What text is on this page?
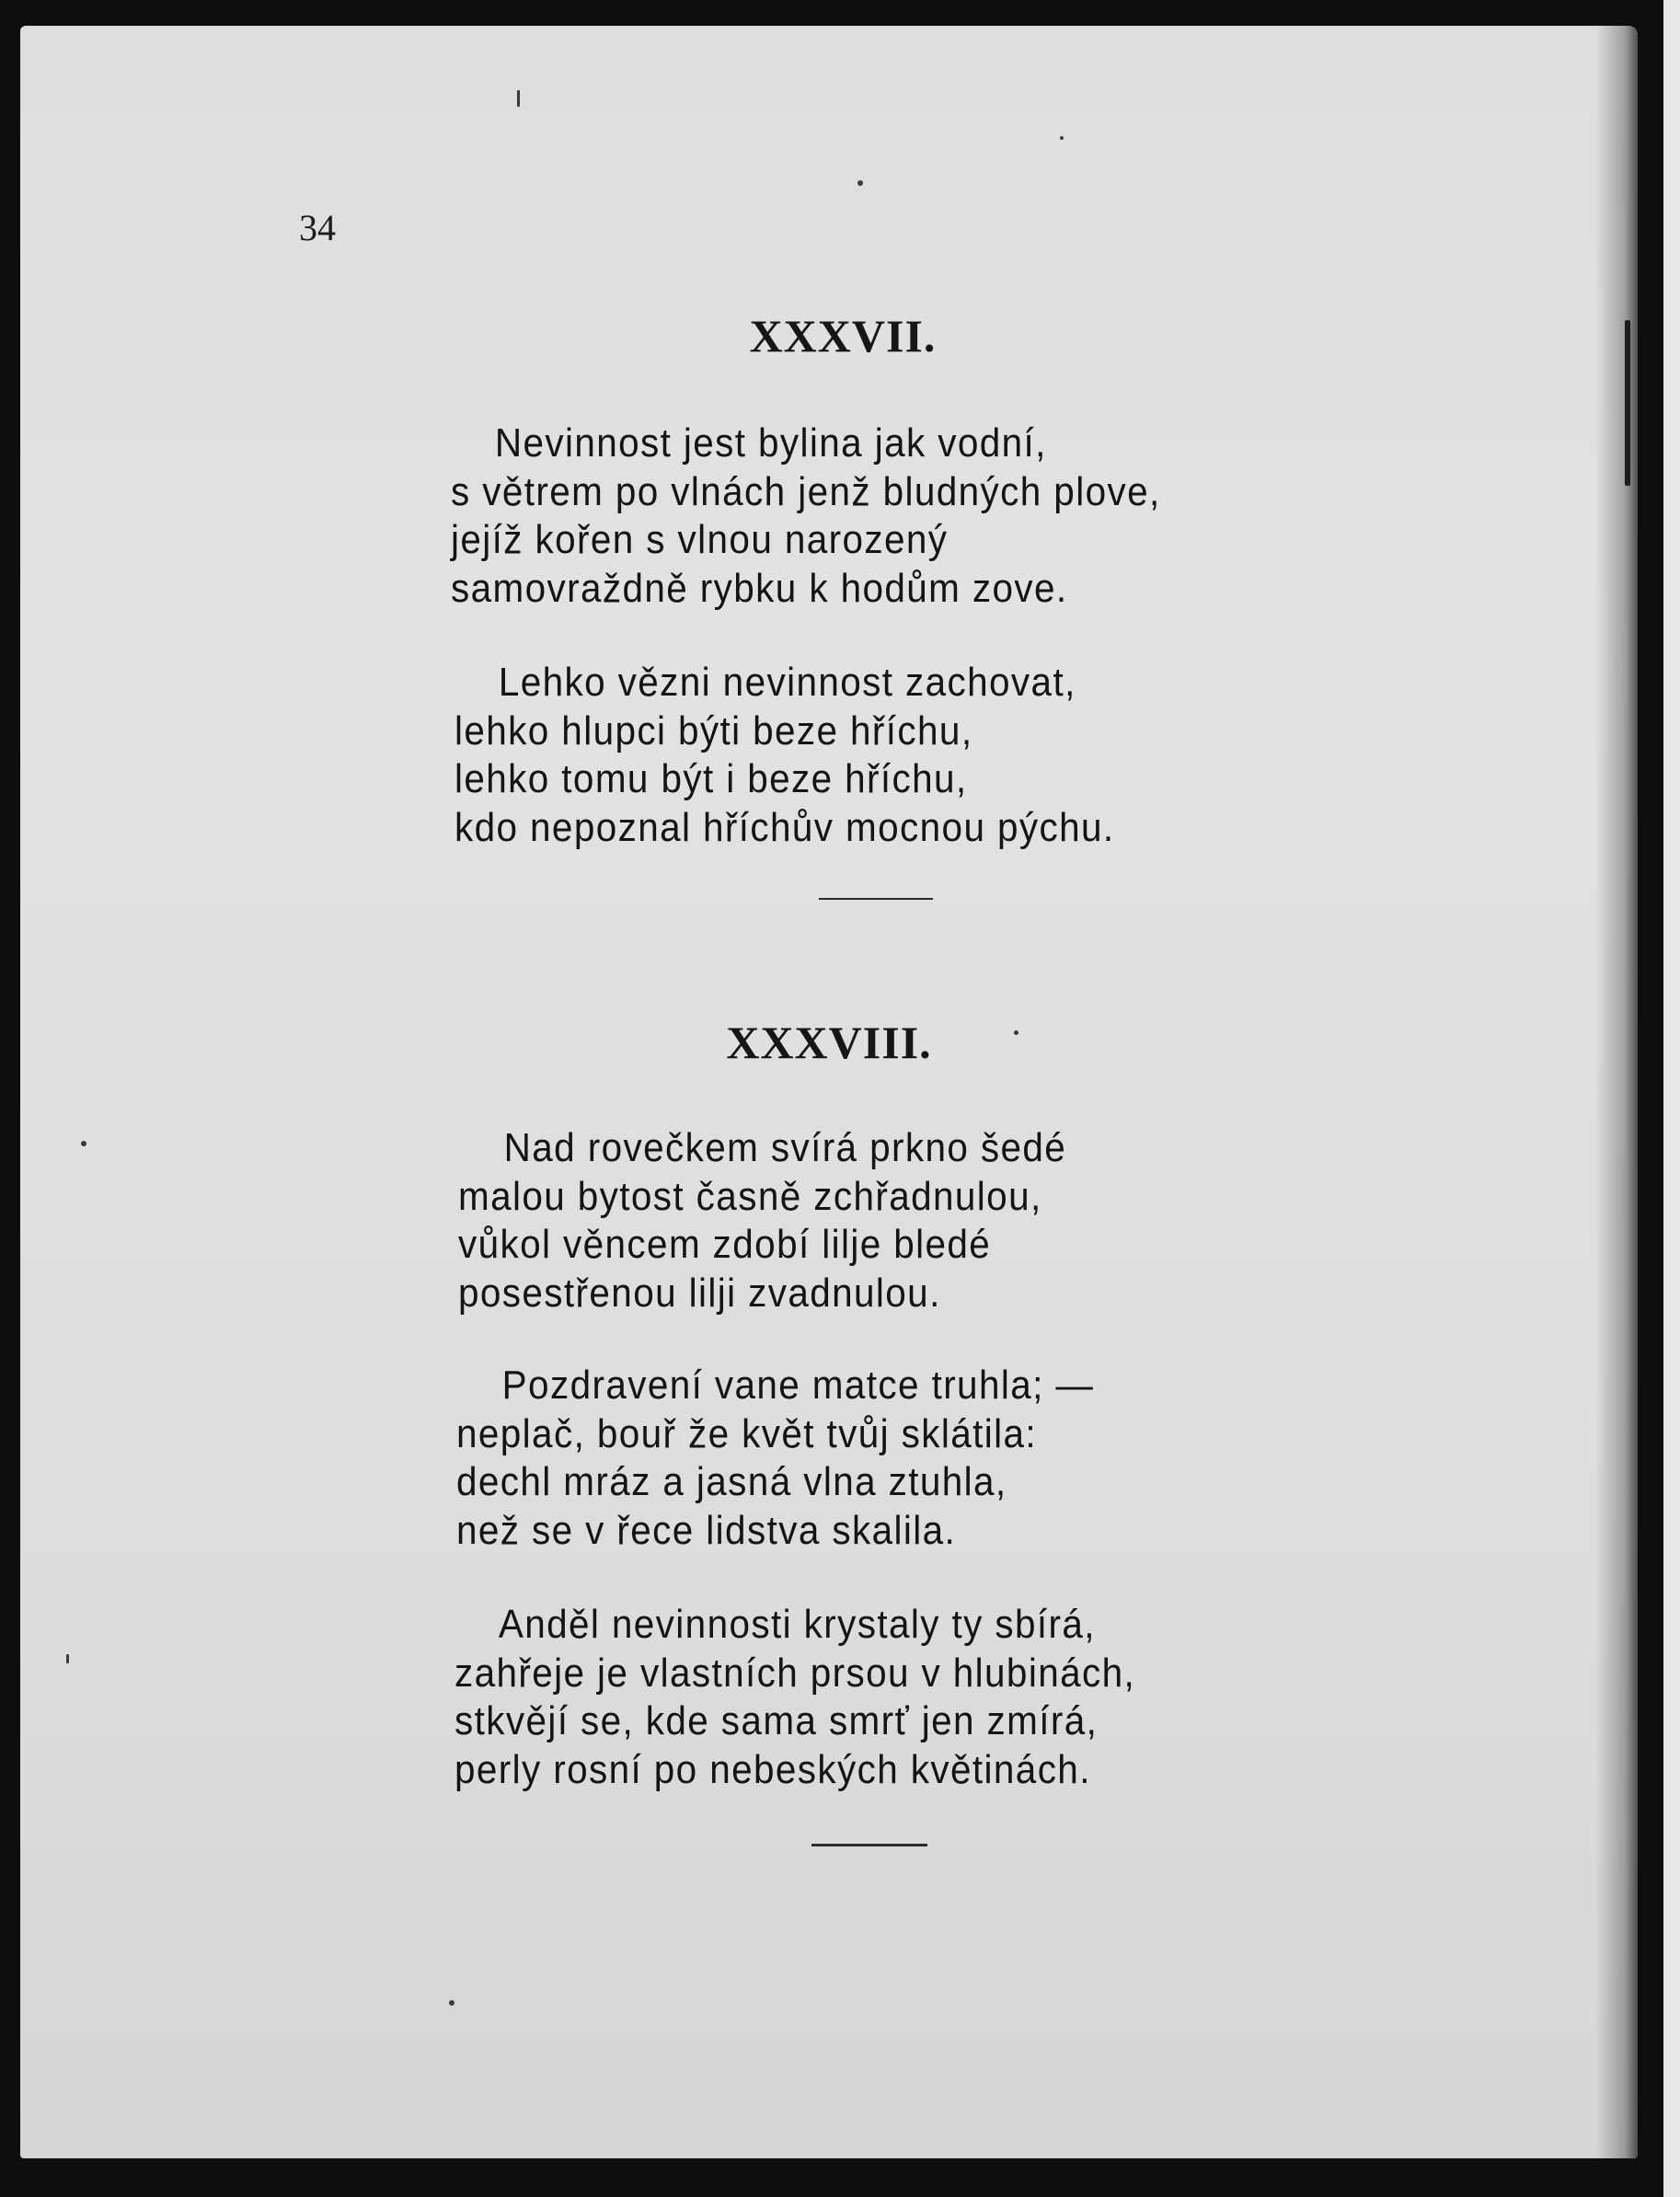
34

XXXVII.
Nevinnost jest bylina jak vodní,
s větrem po vlnách jenž bludných plove,
jejíž kořen s vlnou narozený
samovraždně rybku k hodům zove.
Lehko vězni nevinnost zachovat,
lehko hlupci býti beze hříchu,
lehko tomu být i beze hříchu,
kdo nepoznal hříchův mocnou pýchu.
XXXVIII.
Nad rovečkem svírá prkno šedé
malou bytost časně zchřadnulou,
vůkol věncem zdobí lilje bledé
posestřenou lilji zvadnulou.
Pozdravení vane matce truhla; —
neplač, bouř že květ tvůj sklátila:
dechl mráz a jasná vlna ztuhla,
než se v řece lidstva skalila.
Anděl nevinnosti krystaly ty sbírá,
zahřeje je vlastních prsou v hlubinách,
stkvějí se, kde sama smrť jen zmírá,
perly rosní po nebeských květinách.
